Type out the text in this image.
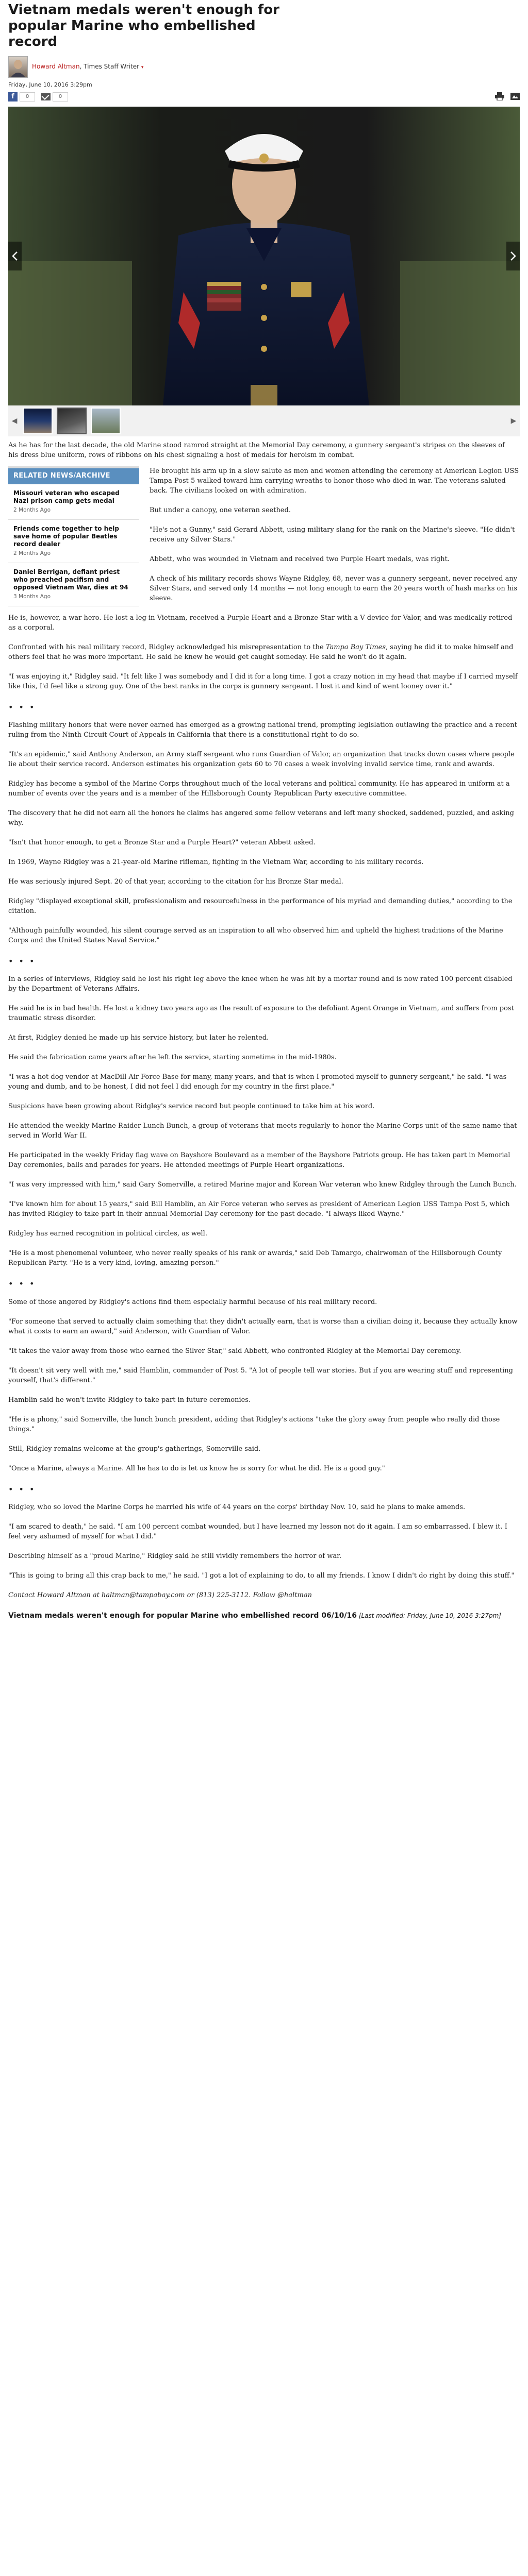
Vietnam medals weren't enough for popular Marine who embellished record
Howard Altman, Times Staff Writer ▾
Friday, June 10, 2016 3:29pm
f	0	0
◀	▶

As he has for the last decade, the old Marine stood ramrod straight at the Memorial Day ceremony, a gunnery sergeant's stripes on the sleeves of his dress blue uniform, rows of ribbons on his chest signaling a host of medals for heroism in combat.

RELATED NEWS/ARCHIVE
Missouri veteran who escaped Nazi prison camp gets medal
2 Months Ago
Friends come together to help save home of popular Beatles record dealer
2 Months Ago
Daniel Berrigan, defiant priest who preached pacifism and opposed Vietnam War, dies at 94
3 Months Ago

He brought his arm up in a slow salute as men and women attending the ceremony at American Legion USS Tampa Post 5 walked toward him carrying wreaths to honor those who died in war. The veterans saluted back. The civilians looked on with admiration.

But under a canopy, one veteran seethed.

"He's not a Gunny," said Gerard Abbett, using military slang for the rank on the Marine's sleeve. "He didn't receive any Silver Stars."

Abbett, who was wounded in Vietnam and received two Purple Heart medals, was right.

A check of his military records shows Wayne Ridgley, 68, never was a gunnery sergeant, never received any Silver Stars, and served only 14 months — not long enough to earn the 20 years worth of hash marks on his sleeve.

He is, however, a war hero. He lost a leg in Vietnam, received a Purple Heart and a Bronze Star with a V device for Valor, and was medically retired as a corporal.

Confronted with his real military record, Ridgley acknowledged his misrepresentation to the Tampa Bay Times, saying he did it to make himself and others feel that he was more important. He said he knew he would get caught someday. He said he won't do it again.

"I was enjoying it," Ridgley said. "It felt like I was somebody and I did it for a long time. I got a crazy notion in my head that maybe if I carried myself like this, I'd feel like a strong guy. One of the best ranks in the corps is gunnery sergeant. I lost it and kind of went looney over it."

• • •

Flashing military honors that were never earned has emerged as a growing national trend, prompting legislation outlawing the practice and a recent ruling from the Ninth Circuit Court of Appeals in California that there is a constitutional right to do so.

"It's an epidemic," said Anthony Anderson, an Army staff sergeant who runs Guardian of Valor, an organization that tracks down cases where people lie about their service record. Anderson estimates his organization gets 60 to 70 cases a week involving invalid service time, rank and awards.

Ridgley has become a symbol of the Marine Corps throughout much of the local veterans and political community. He has appeared in uniform at a number of events over the years and is a member of the Hillsborough County Republican Party executive committee.

The discovery that he did not earn all the honors he claims has angered some fellow veterans and left many shocked, saddened, puzzled, and asking why.

"Isn't that honor enough, to get a Bronze Star and a Purple Heart?" veteran Abbett asked.

In 1969, Wayne Ridgley was a 21-year-old Marine rifleman, fighting in the Vietnam War, according to his military records.

He was seriously injured Sept. 20 of that year, according to the citation for his Bronze Star medal.

Ridgley "displayed exceptional skill, professionalism and resourcefulness in the performance of his myriad and demanding duties," according to the citation.

"Although painfully wounded, his silent courage served as an inspiration to all who observed him and upheld the highest traditions of the Marine Corps and the United States Naval Service."

• • •

In a series of interviews, Ridgley said he lost his right leg above the knee when he was hit by a mortar round and is now rated 100 percent disabled by the Department of Veterans Affairs.

He said he is in bad health. He lost a kidney two years ago as the result of exposure to the defoliant Agent Orange in Vietnam, and suffers from post traumatic stress disorder.

At first, Ridgley denied he made up his service history, but later he relented.

He said the fabrication came years after he left the service, starting sometime in the mid-1980s.

"I was a hot dog vendor at MacDill Air Force Base for many, many years, and that is when I promoted myself to gunnery sergeant," he said. "I was young and dumb, and to be honest, I did not feel I did enough for my country in the first place."

Suspicions have been growing about Ridgley's service record but people continued to take him at his word.

He attended the weekly Marine Raider Lunch Bunch, a group of veterans that meets regularly to honor the Marine Corps unit of the same name that served in World War II.

He participated in the weekly Friday flag wave on Bayshore Boulevard as a member of the Bayshore Patriots group. He has taken part in Memorial Day ceremonies, balls and parades for years. He attended meetings of Purple Heart organizations.

"I was very impressed with him," said Gary Somerville, a retired Marine major and Korean War veteran who knew Ridgley through the Lunch Bunch.

"I've known him for about 15 years," said Bill Hamblin, an Air Force veteran who serves as president of American Legion USS Tampa Post 5, which has invited Ridgley to take part in their annual Memorial Day ceremony for the past decade. "I always liked Wayne."

Ridgley has earned recognition in political circles, as well.

"He is a most phenomenal volunteer, who never really speaks of his rank or awards," said Deb Tamargo, chairwoman of the Hillsborough County Republican Party. "He is a very kind, loving, amazing person."

• • •

Some of those angered by Ridgley's actions find them especially harmful because of his real military record.

"For someone that served to actually claim something that they didn't actually earn, that is worse than a civilian doing it, because they actually know what it costs to earn an award," said Anderson, with Guardian of Valor.

"It takes the valor away from those who earned the Silver Star," said Abbett, who confronted Ridgley at the Memorial Day ceremony.

"It doesn't sit very well with me," said Hamblin, commander of Post 5. "A lot of people tell war stories. But if you are wearing stuff and representing yourself, that's different."

Hamblin said he won't invite Ridgley to take part in future ceremonies.

"He is a phony," said Somerville, the lunch bunch president, adding that Ridgley's actions "take the glory away from people who really did those things."

Still, Ridgley remains welcome at the group's gatherings, Somerville said.

"Once a Marine, always a Marine. All he has to do is let us know he is sorry for what he did. He is a good guy."

• • •

Ridgley, who so loved the Marine Corps he married his wife of 44 years on the corps' birthday Nov. 10, said he plans to make amends.

"I am scared to death," he said. "I am 100 percent combat wounded, but I have learned my lesson not do it again. I am so embarrassed. I blew it. I feel very ashamed of myself for what I did."

Describing himself as a "proud Marine," Ridgley said he still vividly remembers the horror of war.

"This is going to bring all this crap back to me," he said. "I got a lot of explaining to do, to all my friends. I know I didn't do right by doing this stuff."

Contact Howard Altman at haltman@tampabay.com or (813) 225-3112. Follow @haltman

Vietnam medals weren't enough for popular Marine who embellished record 06/10/16 [Last modified: Friday, June 10, 2016 3:27pm]
